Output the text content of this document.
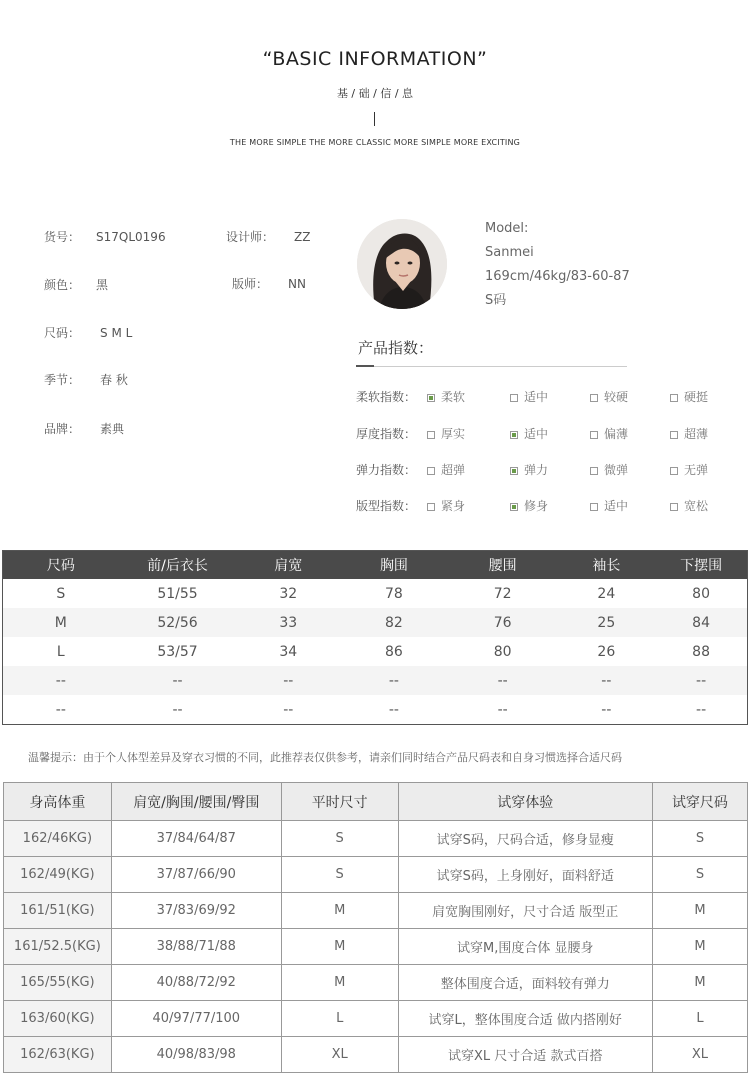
“BASIC INFORMATION”
基 / 础 / 信 / 息
THE MORE SIMPLE THE MORE CLASSIC MORE SIMPLE MORE EXCITING
货号： S17QL0196	设计师： ZZ
颜色： 黑	版师： NN
尺码： S M L
季节： 春 秋
品牌： 素典
Model:
Sanmei
169cm/46kg/83-60-87
S码
产品指数：
柔软指数：	柔软	适中	较硬	硬挺
厚度指数：	厚实	适中	偏薄	超薄
弹力指数：	超弹	弹力	微弹	无弹
版型指数：	紧身	修身	适中	宽松
尺码	前/后衣长	肩宽	胸围	腰围	袖长	下摆围
S	51/55	32	78	72	24	80
M	52/56	33	82	76	25	84
L	53/57	34	86	80	26	88
--	--	--	--	--	--	--
--	--	--	--	--	--	--
温馨提示：由于个人体型差异及穿衣习惯的不同，此推荐表仅供参考，请亲们同时结合产品尺码表和自身习惯选择合适尺码
身高体重	肩宽/胸围/腰围/臀围	平时尺寸	试穿体验	试穿尺码
162/46KG)	37/84/64/87	S	试穿S码，尺码合适，修身显瘦	S
162/49(KG)	37/87/66/90	S	试穿S码，上身刚好，面料舒适	S
161/51(KG)	37/83/69/92	M	肩宽胸围刚好，尺寸合适 版型正	M
161/52.5(KG)	38/88/71/88	M	试穿M,围度合体 显腰身	M
165/55(KG)	40/88/72/92	M	整体围度合适，面料较有弹力	M
163/60(KG)	40/97/77/100	L	试穿L，整体围度合适 做内搭刚好	L
162/63(KG)	40/98/83/98	XL	试穿XL 尺寸合适 款式百搭	XL
